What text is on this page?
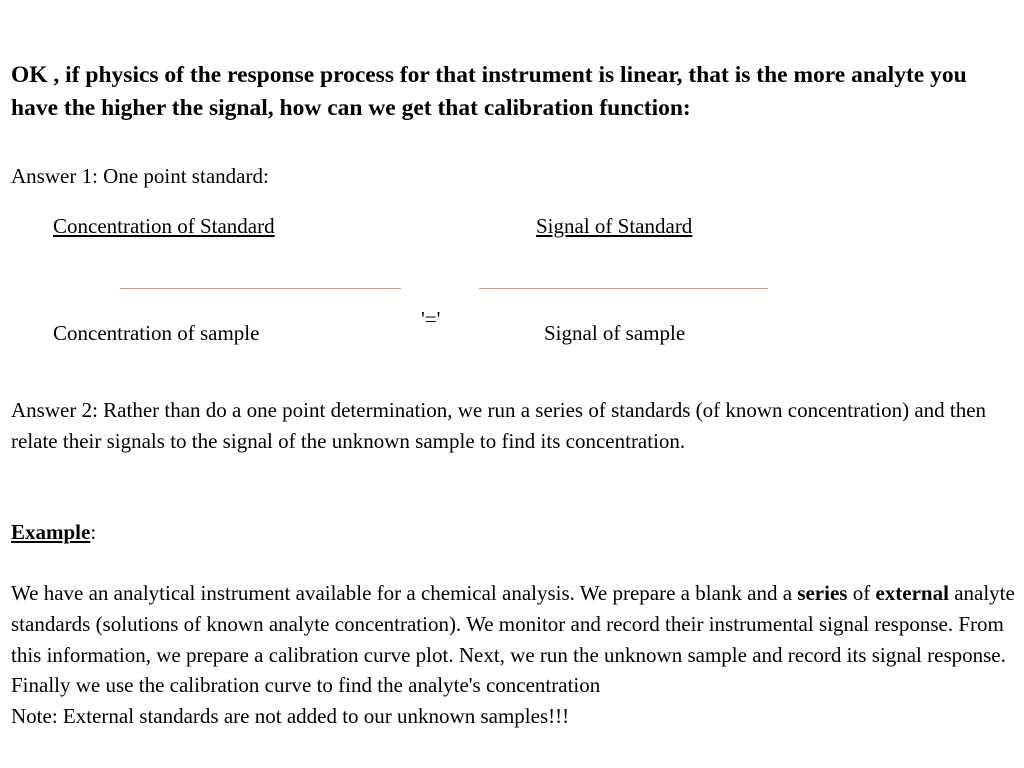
OK , if physics of the response process for that instrument is linear, that is the more analyte you have the higher the signal, how can we get that calibration function:
Answer 1: One point standard:
Concentration of Standard	Signal of Standard
'='
Concentration of sample	Signal of sample
Answer 2: Rather than do a one point determination, we run a series of standards (of known concentration) and then relate their signals to the signal of the unknown sample to find its concentration.
Example:
We have an analytical instrument available for a chemical analysis. We prepare a blank and a series of external analyte standards (solutions of known analyte concentration). We monitor and record their instrumental signal response. From this information, we prepare a calibration curve plot. Next, we run the unknown sample and record its signal response. Finally we use the calibration curve to find the analyte's concentration
Note: External standards are not added to our unknown samples!!!
